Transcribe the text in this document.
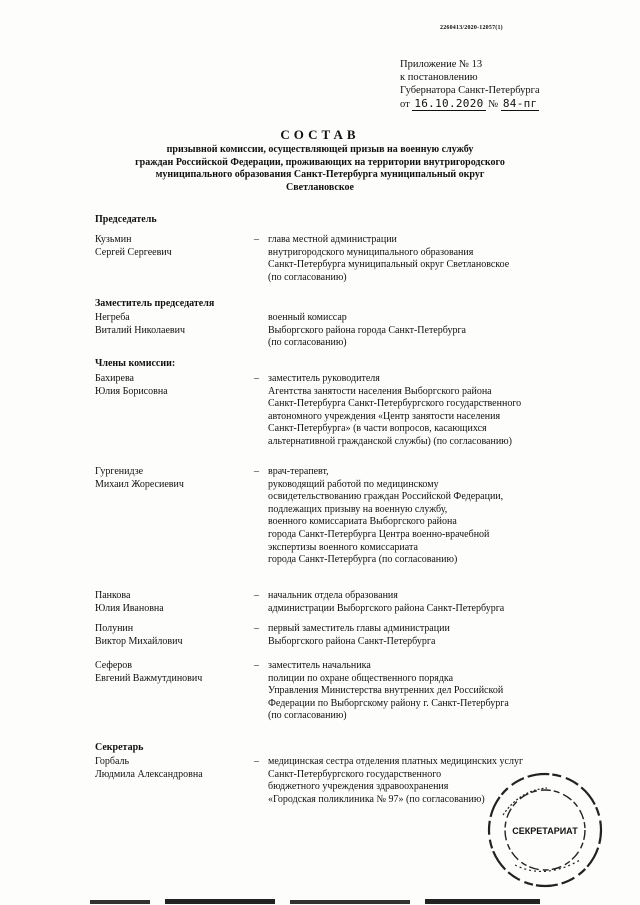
2260413/2020-12057(1)
Приложение № 13
к постановлению
Губернатора Санкт-Петербурга
от 16.10.2020 № 84-пг
СОСТАВ
призывной комиссии, осуществляющей призыв на военную службу
граждан Российской Федерации, проживающих на территории внутригородского
муниципального образования Санкт-Петербурга муниципальный округ
Светлановское
Председатель
Заместитель председателя
Члены комиссии:
Секретарь
Кузьмин
Сергей Сергеевич
– глава местной администрации
внутригородского муниципального образования
Санкт-Петербурга муниципальный округ Светлановское
(по согласованию)
Негреба
Виталий Николаевич
военный комиссар
Выборгского района города Санкт-Петербурга
(по согласованию)
Бахирева
Юлия Борисовна
– заместитель руководителя
Агентства занятости населения Выборгского района
Санкт-Петербурга Санкт-Петербургского государственного
автономного учреждения «Центр занятости населения
Санкт-Петербурга» (в части вопросов, касающихся
альтернативной гражданской службы) (по согласованию)
Гургенидзе
Михаил Жоресиевич
– врач-терапевт,
руководящий работой по медицинскому
освидетельствованию граждан Российской Федерации,
подлежащих призыву на военную службу,
военного комиссариата Выборгского района
города Санкт-Петербурга Центра военно-врачебной
экспертизы военного комиссариата
города Санкт-Петербурга (по согласованию)
Панкова
Юлия Ивановна
– начальник отдела образования
администрации Выборгского района Санкт-Петербурга
Полунин
Виктор Михайлович
– первый заместитель главы администрации
Выборгского района Санкт-Петербурга
Сеферов
Евгений Важмутдинович
– заместитель начальника
полиции по охране общественного порядка
Управления Министерства внутренних дел Российской
Федерации по Выборгскому району г. Санкт-Петербурга
(по согласованию)
Горбаль
Людмила Александровна
– медицинская сестра отделения платных медицинских услуг
Санкт-Петербургского государственного
бюджетного учреждения здравоохранения
«Городская поликлиника № 97» (по согласованию)
СЕКРЕТАРИАТ
